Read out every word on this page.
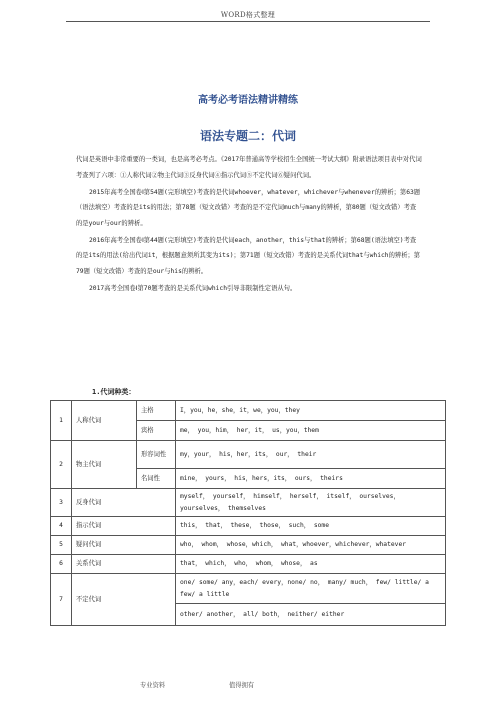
WORD格式整理
高考必考语法精讲精练
语法专题二：代词

代词是英语中非常重要的一类词，也是高考必考点。《2017年普通高等学校招生全国统一考试大纲》附录语法项目表中对代词考查列了六项：①人称代词②物主代词③反身代词④指示代词⑤不定代词⑥疑问代词。

2015年高考全国卷Ⅰ第54题(完形填空)考查的是代词whoever，whatever，whichever与whenever的辨析；第63题（语法填空）考查的是its的用法；第78题（短文改错）考查的是不定代词much与many的辨析，第80题（短文改错）考查的是your与our的辨析。

2016年高考全国卷Ⅰ第44题(完形填空)考查的是代词each，another，this与that的辨析；第68题(语法填空)考查的是its的用法(给出代词it，根据题意须所其变为its)；第71题（短文改错）考查的是关系代词that与which的辨析；第79题（短文改错）考查的是our与his的辨析。

2017高考全国卷Ⅰ第70题考查的是关系代词which引导非限制性定语从句。

1.代词种类：
1	人称代词	主格	I，you，he，she，it，we，you，they
		宾格	me， you，him， her，it， us，you，them
2	物主代词	形容词性	my，your， his，her，its， our， their
		名词性	mine， yours， his，hers，its， ours， theirs
3	反身代词		myself， yourself， himself， herself， itself， ourselves，yourselves， themselves
4	指示代词		this， that， these， those， such， some
5	疑问代词		who， whom， whose，which， what，whoever，whichever，whatever
6	关系代词		that， which， who， whom， whose， as
7	不定代词		one/ some/ any，each/ every，none/ no， many/ much， few/ little/ a few/ a little
			other/ another， all/ both， neither/ either
专业资料	值得拥有
